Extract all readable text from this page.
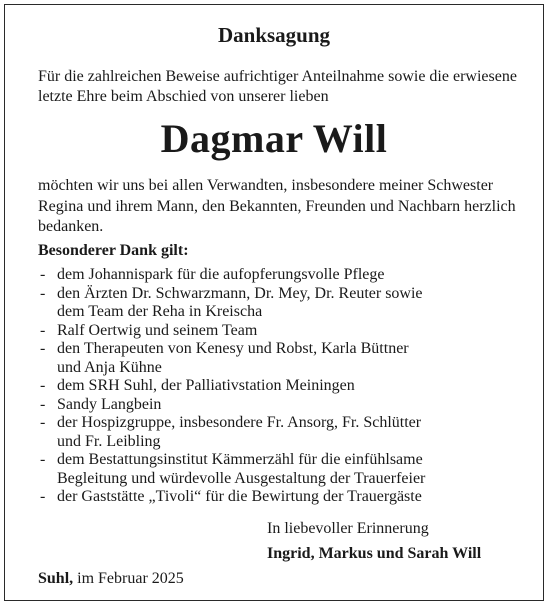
Danksagung
Für die zahlreichen Beweise aufrichtiger Anteilnahme sowie die erwiesene letzte Ehre beim Abschied von unserer lieben
Dagmar Will
möchten wir uns bei allen Verwandten, insbesondere meiner Schwester Regina und ihrem Mann, den Bekannten, Freunden und Nachbarn herzlich bedanken.
Besonderer Dank gilt:
- dem Johannispark für die aufopferungsvolle Pflege
- den Ärzten Dr. Schwarzmann, Dr. Mey, Dr. Reuter sowie
dem Team der Reha in Kreischa
- Ralf Oertwig und seinem Team
- den Therapeuten von Kenesy und Robst, Karla Büttner
und Anja Kühne
- dem SRH Suhl, der Palliativstation Meiningen
- Sandy Langbein
- der Hospizgruppe, insbesondere Fr. Ansorg, Fr. Schlütter
und Fr. Leibling
- dem Bestattungsinstitut Kämmerzähl für die einfühlsame
Begleitung und würdevolle Ausgestaltung der Trauerfeier
- der Gaststätte „Tivoli“ für die Bewirtung der Trauergäste
In liebevoller Erinnerung
Ingrid, Markus und Sarah Will
Suhl, im Februar 2025
